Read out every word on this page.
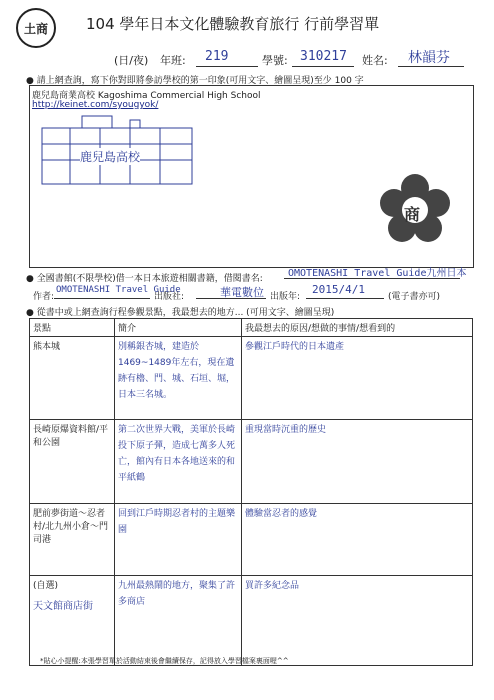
土商	104 學年日本文化體驗教育旅行 行前學習單
(日/夜) 年班: 219	學號: 310217 姓名: 林韻芬
● 請上網查詢，寫下你對即將參訪學校的第一印象(可用文字、繪圖呈現)至少 100 字
鹿兒島商業高校 Kagoshima Commercial High School
http://keinet.com/syougyok/
鹿兒島高校
商
● 全國書館(不限學校)借一本日本旅遊相關書籍，借閱書名:	OMOTENASHI Travel Guide九州日本
作者:
OMOTENASHI Travel Guide
出版社:	華電數位 出版年:
2015/4/1
(電子書亦可)
● 從書中或上網查詢行程參觀景點，我最想去的地方... (可用文字、繪圖呈現)
景點	簡介	我最想去的原因/想做的事情/想看到的
熊本城	別稱銀杏城，建造於1469~1489年左右，現在遺跡有櫓、門、城、石垣、堀，日本三名城。	參觀江戶時代的日本遺產
長崎原爆資料館/平和公園	第二次世界大戰，美軍於長崎投下原子彈，造成七萬多人死亡，館內有日本各地送來的和平紙鶴	重現當時沉重的歷史
肥前夢街道～忍者村/北九州小倉～門司港	回到江戶時期忍者村的主題樂園	體驗當忍者的感覺

(自選)
天文館商店街	九州最熱鬧的地方，聚集了許多商店	買許多紀念品
*貼心小提醒:本張學習單於活動結束後會繼續保存，記得放入學習檔案裏面喔^^
